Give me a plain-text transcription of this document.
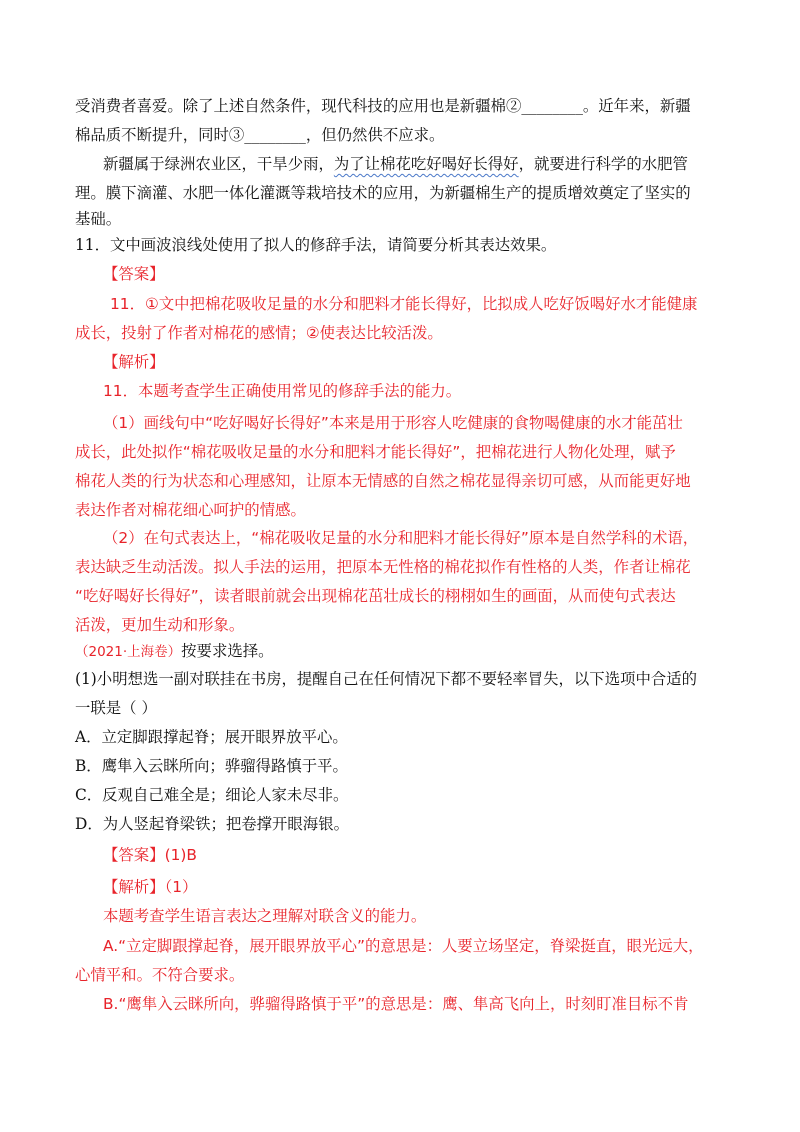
受消费者喜爱。除了上述自然条件，现代科技的应用也是新疆棉②________。近年来，新疆

棉品质不断提升，同时③________，但仍然供不应求。

新疆属于绿洲农业区，干旱少雨，为了让棉花吃好喝好长得好，就要进行科学的水肥管

理。膜下滴灌、水肥一体化灌溉等栽培技术的应用，为新疆棉生产的提质增效奠定了坚实的

基础。

11．文中画波浪线处使用了拟人的修辞手法，请简要分析其表达效果。

【答案】

11．①文中把棉花吸收足量的水分和肥料才能长得好，比拟成人吃好饭喝好水才能健康

成长，投射了作者对棉花的感情；②使表达比较活泼。

【解析】

11．本题考查学生正确使用常见的修辞手法的能力。

（1）画线句中“吃好喝好长得好”本来是用于形容人吃健康的食物喝健康的水才能茁壮

成长，此处拟作“棉花吸收足量的水分和肥料才能长得好”，把棉花进行人物化处理，赋予

棉花人类的行为状态和心理感知，让原本无情感的自然之棉花显得亲切可感，从而能更好地

表达作者对棉花细心呵护的情感。

（2）在句式表达上，“棉花吸收足量的水分和肥料才能长得好”原本是自然学科的术语，

表达缺乏生动活泼。拟人手法的运用，把原本无性格的棉花拟作有性格的人类，作者让棉花

“吃好喝好长得好”，读者眼前就会出现棉花茁壮成长的栩栩如生的画面，从而使句式表达

活泼，更加生动和形象。

（2021·上海卷）按要求选择。

(1)小明想选一副对联挂在书房，提醒自己在任何情况下都不要轻率冒失，以下选项中合适的

一联是（ ）

A．立定脚跟撑起脊；展开眼界放平心。

B．鹰隼入云眯所向；骅骝得路慎于平。

C．反观自己难全是；细论人家未尽非。

D．为人竖起脊梁铁；把卷撑开眼海银。

【答案】(1)B

【解析】（1）

本题考查学生语言表达之理解对联含义的能力。

A.“立定脚跟撑起脊，展开眼界放平心”的意思是：人要立场坚定，脊梁挺直，眼光远大，

心情平和。不符合要求。

B.“鹰隼入云眯所向，骅骝得路慎于平”的意思是：鹰、隼高飞向上，时刻盯准目标不肯
